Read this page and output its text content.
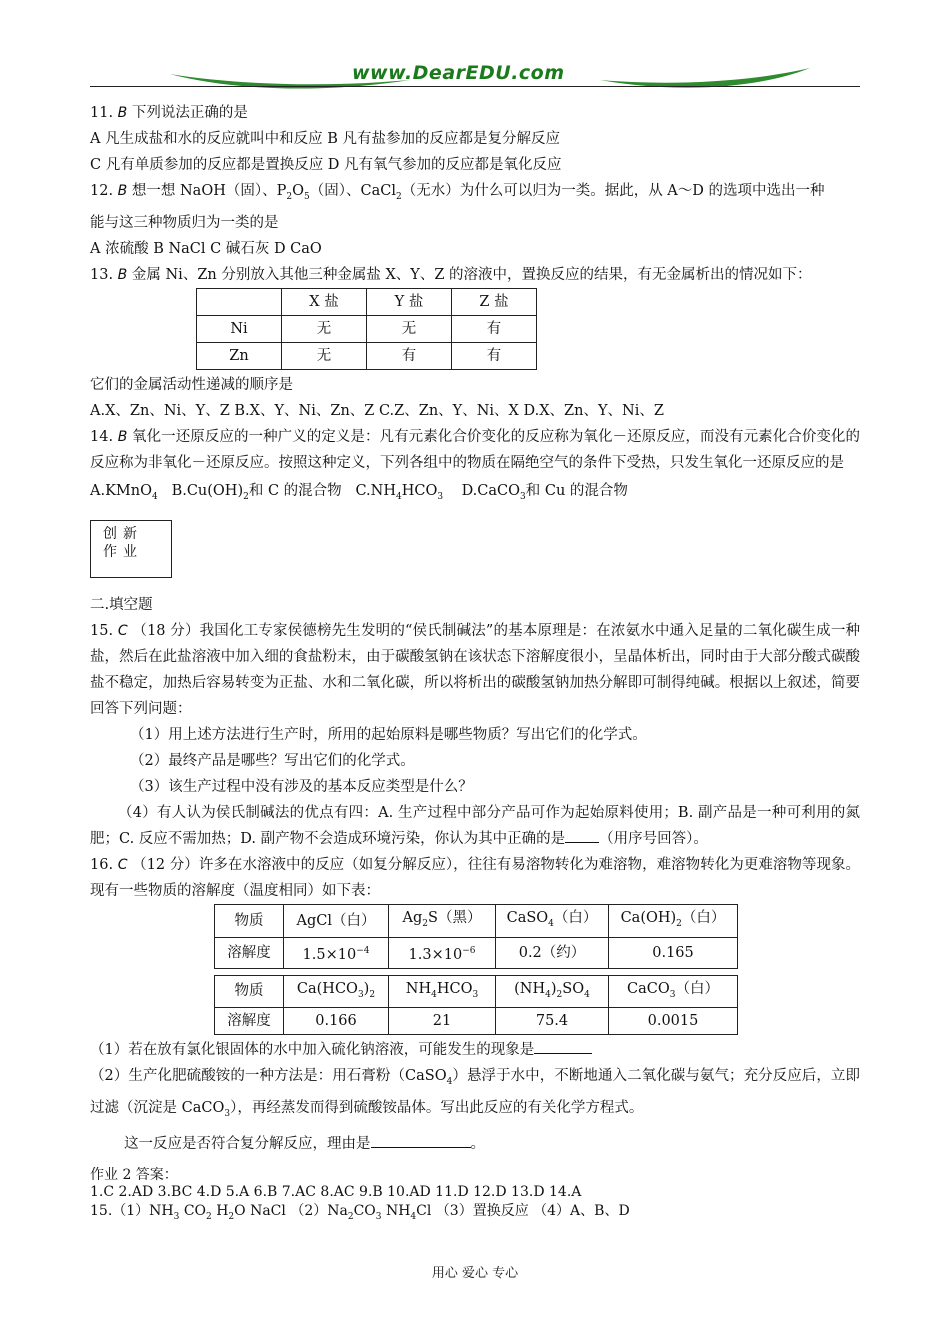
www.DearEDU.com

11. B 下列说法正确的是

A 凡生成盐和水的反应就叫中和反应 B 凡有盐参加的反应都是复分解反应

C 凡有单质参加的反应都是置换反应 D 凡有氧气参加的反应都是氧化反应

12. B 想一想 NaOH（固）、$P_2O_5$（固）、CaCl$_2$（无水）为什么可以归为一类。据此，从 A～D 的选项中选出一种

能与这三种物质归为一类的是

A 浓硫酸 B NaCl C 碱石灰 D CaO

13. B 金属 Ni、Zn 分别放入其他三种金属盐 X、Y、Z 的溶液中，置换反应的结果，有无金属析出的情况如下：

	X 盐	Y 盐	Z 盐
Ni	无	无	有
Zn	无	有	有

它们的金属活动性递减的顺序是

A.X、Zn、Ni、Y、Z B.X、Y、Ni、Zn、Z C.Z、Zn、Y、Ni、X D.X、Zn、Y、Ni、Z

14. B 氧化一还原反应的一种广义的定义是：凡有元素化合价变化的反应称为氧化－还原反应，而没有元素化合价变化的反应称为非氧化－还原反应。按照这种定义，下列各组中的物质在隔绝空气的条件下受热，只发生氧化一还原反应的是

A.KMnO$_4$ $B.Cu(OH)_2$和 C 的混合物 $C.NH_4HCO_3$ D.CaCO$_3$和 Cu 的混合物

创新
作业

二.填空题

15. C （18 分）我国化工专家侯德榜先生发明的“侯氏制碱法”的基本原理是：在浓氨水中通入足量的二氧化碳生成一种盐，然后在此盐溶液中加入细的食盐粉末，由于碳酸氢钠在该状态下溶解度很小，呈晶体析出，同时由于大部分酸式碳酸盐不稳定，加热后容易转变为正盐、水和二氧化碳，所以将析出的碳酸氢钠加热分解即可制得纯碱。根据以上叙述，简要回答下列问题：

（1）用上述方法进行生产时，所用的起始原料是哪些物质？写出它们的化学式。

（2）最终产品是哪些？写出它们的化学式。

（3）该生产过程中没有涉及的基本反应类型是什么？

（4）有人认为侯氏制碱法的优点有四：A. 生产过程中部分产品可作为起始原料使用；B. 副产品是一种可利用的氮肥；C. 反应不需加热；D. 副产物不会造成环境污染，你认为其中正确的是 （用序号回答）。

16. C （12 分）许多在水溶液中的反应（如复分解反应），往往有易溶物转化为难溶物，难溶物转化为更难溶物等现象。现有一些物质的溶解度（温度相同）如下表：

物质	AgCl（白）	$Ag_2S$（黑）	CaSO$_4$（白）	$Ca(OH)_2$（白）
溶解度	$1.5\times 10^{-4}$	$1.3\times 10^{-6}$	0.2（约）	0.165
物质	$Ca(HCO_3)_2$	$NH_4HCO_3$	$(NH_4)_2SO_4$	CaCO$_3$（白）
溶解度	0.166	21	75.4	0.0015

（1）若在放有氯化银固体的水中加入硫化钠溶液，可能发生的现象是

（2）生产化肥硫酸铵的一种方法是：用石膏粉（CaSO$_4$）悬浮于水中，不断地通入二氧化碳与氨气；充分反应后，立即过滤（沉淀是 CaCO$_3$），再经蒸发而得到硫酸铵晶体。写出此反应的有关化学方程式。

这一反应是否符合复分解反应，理由是	。

作业 2 答案：
1.C 2.AD 3.BC 4.D 5.A 6.B 7.AC 8.AC 9.B 10.AD 11.D 12.D 13.D 14.A
$15.(1)NH_3$ $CO_2$ $H_2O$ NaCl $(2)Na_2CO_3$ $NH_4Cl$ （3）置换反应 （4）A、B、D
用心 爱心 专心
